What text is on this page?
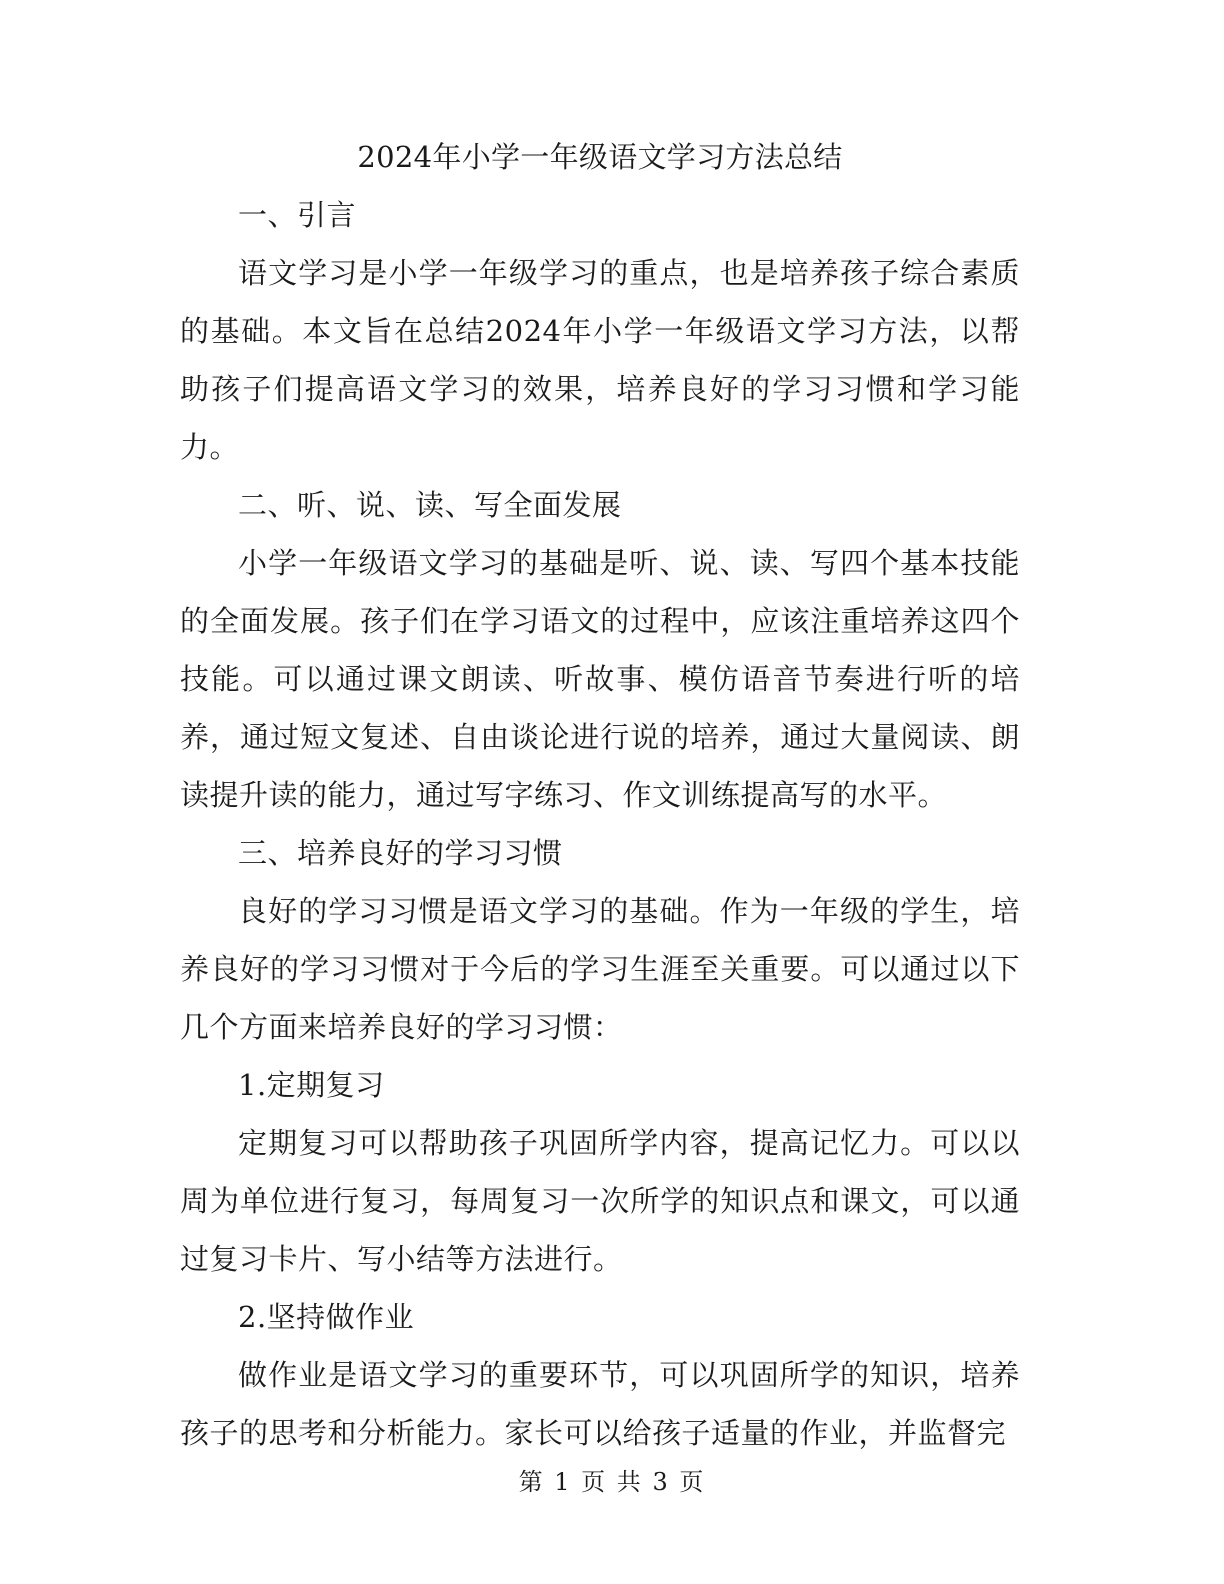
2024年小学一年级语文学习方法总结

一、引言

语文学习是小学一年级学习的重点，也是培养孩子综合素质的基础。本文旨在总结2024年小学一年级语文学习方法，以帮助孩子们提高语文学习的效果，培养良好的学习习惯和学习能力。

二、听、说、读、写全面发展

小学一年级语文学习的基础是听、说、读、写四个基本技能的全面发展。孩子们在学习语文的过程中，应该注重培养这四个技能。可以通过课文朗读、听故事、模仿语音节奏进行听的培养，通过短文复述、自由谈论进行说的培养，通过大量阅读、朗读提升读的能力，通过写字练习、作文训练提高写的水平。

三、培养良好的学习习惯

良好的学习习惯是语文学习的基础。作为一年级的学生，培养良好的学习习惯对于今后的学习生涯至关重要。可以通过以下几个方面来培养良好的学习习惯：

1.定期复习

定期复习可以帮助孩子巩固所学内容，提高记忆力。可以以周为单位进行复习，每周复习一次所学的知识点和课文，可以通过复习卡片、写小结等方法进行。

2.坚持做作业

做作业是语文学习的重要环节，可以巩固所学的知识，培养孩子的思考和分析能力。家长可以给孩子适量的作业，并监督完

第 1 页 共 3 页
